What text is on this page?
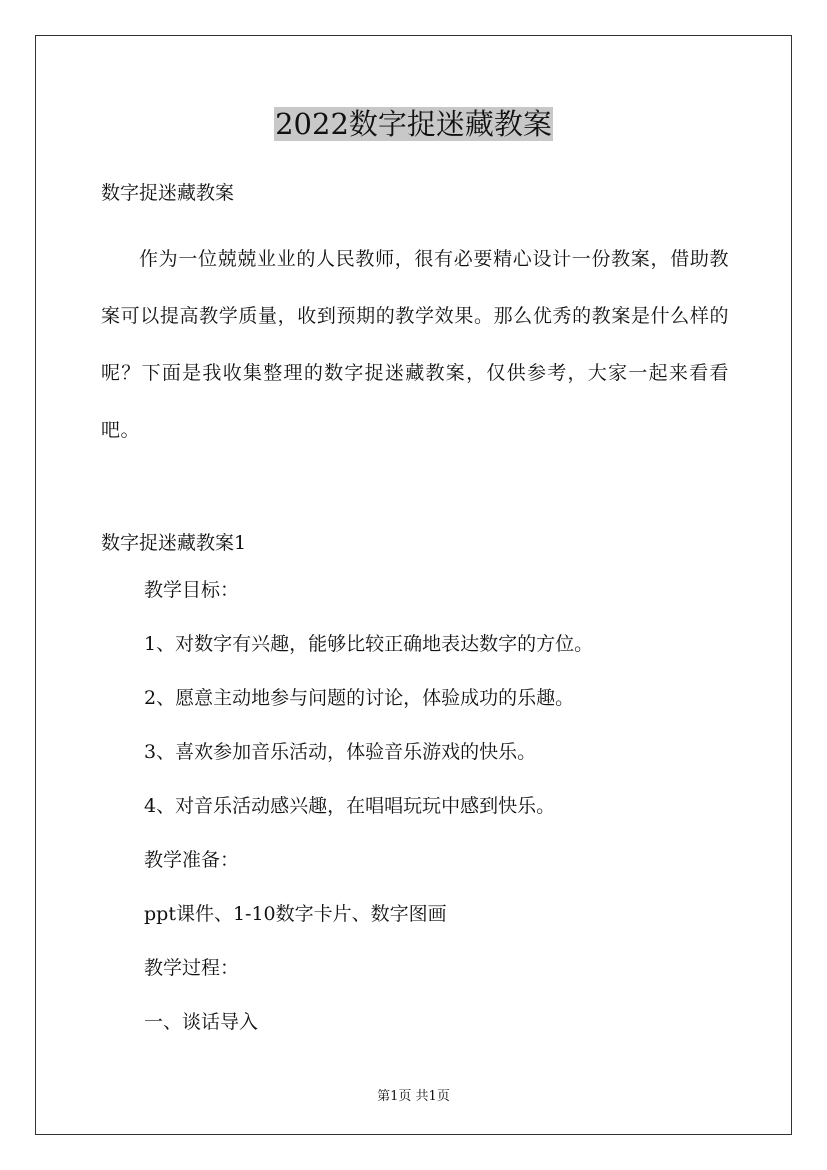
2022数字捉迷藏教案

数字捉迷藏教案

作为一位兢兢业业的人民教师，很有必要精心设计一份教案，借助教案可以提高教学质量，收到预期的教学效果。那么优秀的教案是什么样的呢？下面是我收集整理的数字捉迷藏教案，仅供参考，大家一起来看看吧。

数字捉迷藏教案1

教学目标：

1、对数字有兴趣，能够比较正确地表达数字的方位。

2、愿意主动地参与问题的讨论，体验成功的乐趣。

3、喜欢参加音乐活动，体验音乐游戏的快乐。

4、对音乐活动感兴趣，在唱唱玩玩中感到快乐。

教学准备：

ppt课件、1-10数字卡片、数字图画

教学过程：

一、谈话导入

第1页 共1页
